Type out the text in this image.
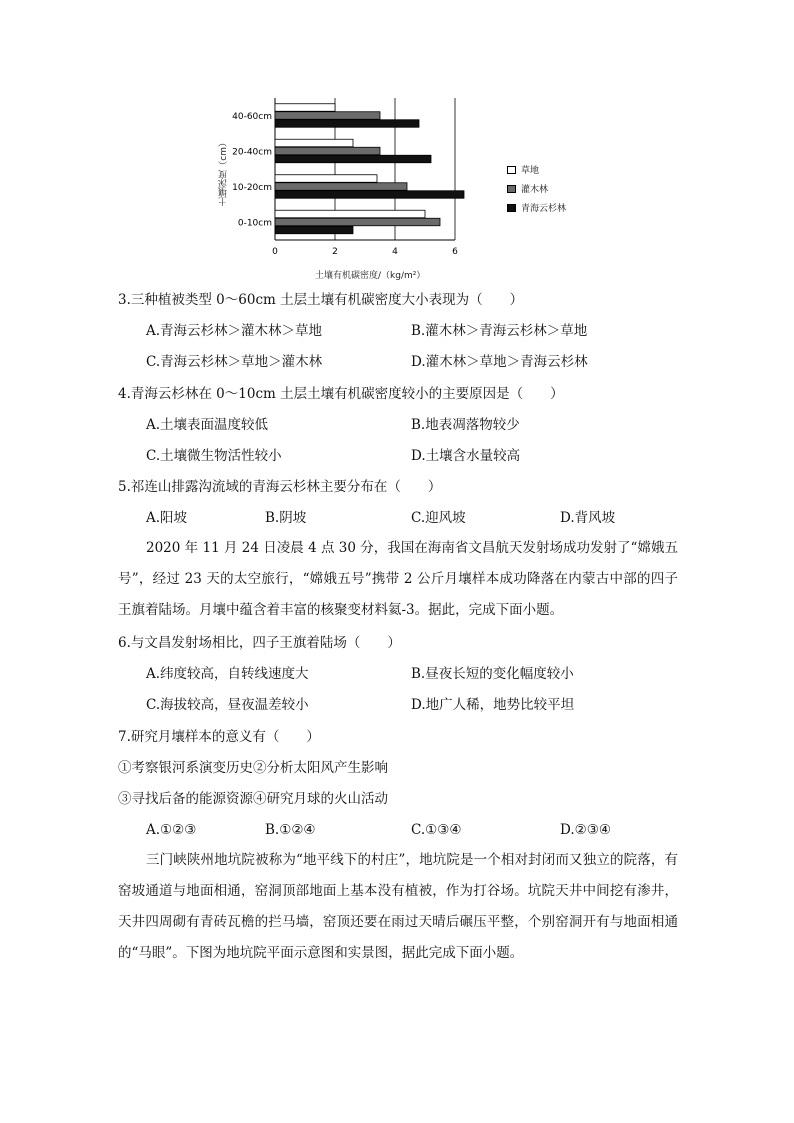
0	2	4	6
40-60cm
20-40cm
10-20cm
0-10cm
土壤深度（cm）
土壤有机碳密度/（kg/m²）
草地
灌木林
青海云杉林
3.三种植被类型 0～60cm 土层土壤有机碳密度大小表现为（　　）
A.青海云杉林＞灌木林＞草地	B.灌木林＞青海云杉林＞草地
C.青海云杉林＞草地＞灌木林	D.灌木林＞草地＞青海云杉林
4.青海云杉林在 0～10cm 土层土壤有机碳密度较小的主要原因是（　　）
A.土壤表面温度较低	B.地表凋落物较少
C.土壤微生物活性较小	D.土壤含水量较高
5.祁连山排露沟流域的青海云杉林主要分布在（　　）
A.阳坡	B.阴坡	C.迎风坡	D.背风坡
2020 年 11 月 24 日凌晨 4 点 30 分，我国在海南省文昌航天发射场成功发射了“嫦娥五号”，经过 23 天的太空旅行，“嫦娥五号”携带 2 公斤月壤样本成功降落在内蒙古中部的四子王旗着陆场。月壤中蕴含着丰富的核聚变材料氦-3。据此，完成下面小题。
6.与文昌发射场相比，四子王旗着陆场（　　）
A.纬度较高，自转线速度大	B.昼夜长短的变化幅度较小
C.海拔较高，昼夜温差较小	D.地广人稀，地势比较平坦
7.研究月壤样本的意义有（　　）
①考察银河系演变历史②分析太阳风产生影响
③寻找后备的能源资源④研究月球的火山活动
A.①②③	B.①②④	C.①③④	D.②③④
三门峡陕州地坑院被称为“地平线下的村庄”，地坑院是一个相对封闭而又独立的院落，有窑坡通道与地面相通，窑洞顶部地面上基本没有植被，作为打谷场。坑院天井中间挖有渗井，天井四周砌有青砖瓦檐的拦马墙，窑顶还要在雨过天晴后碾压平整，个别窑洞开有与地面相通的“马眼”。下图为地坑院平面示意图和实景图，据此完成下面小题。
